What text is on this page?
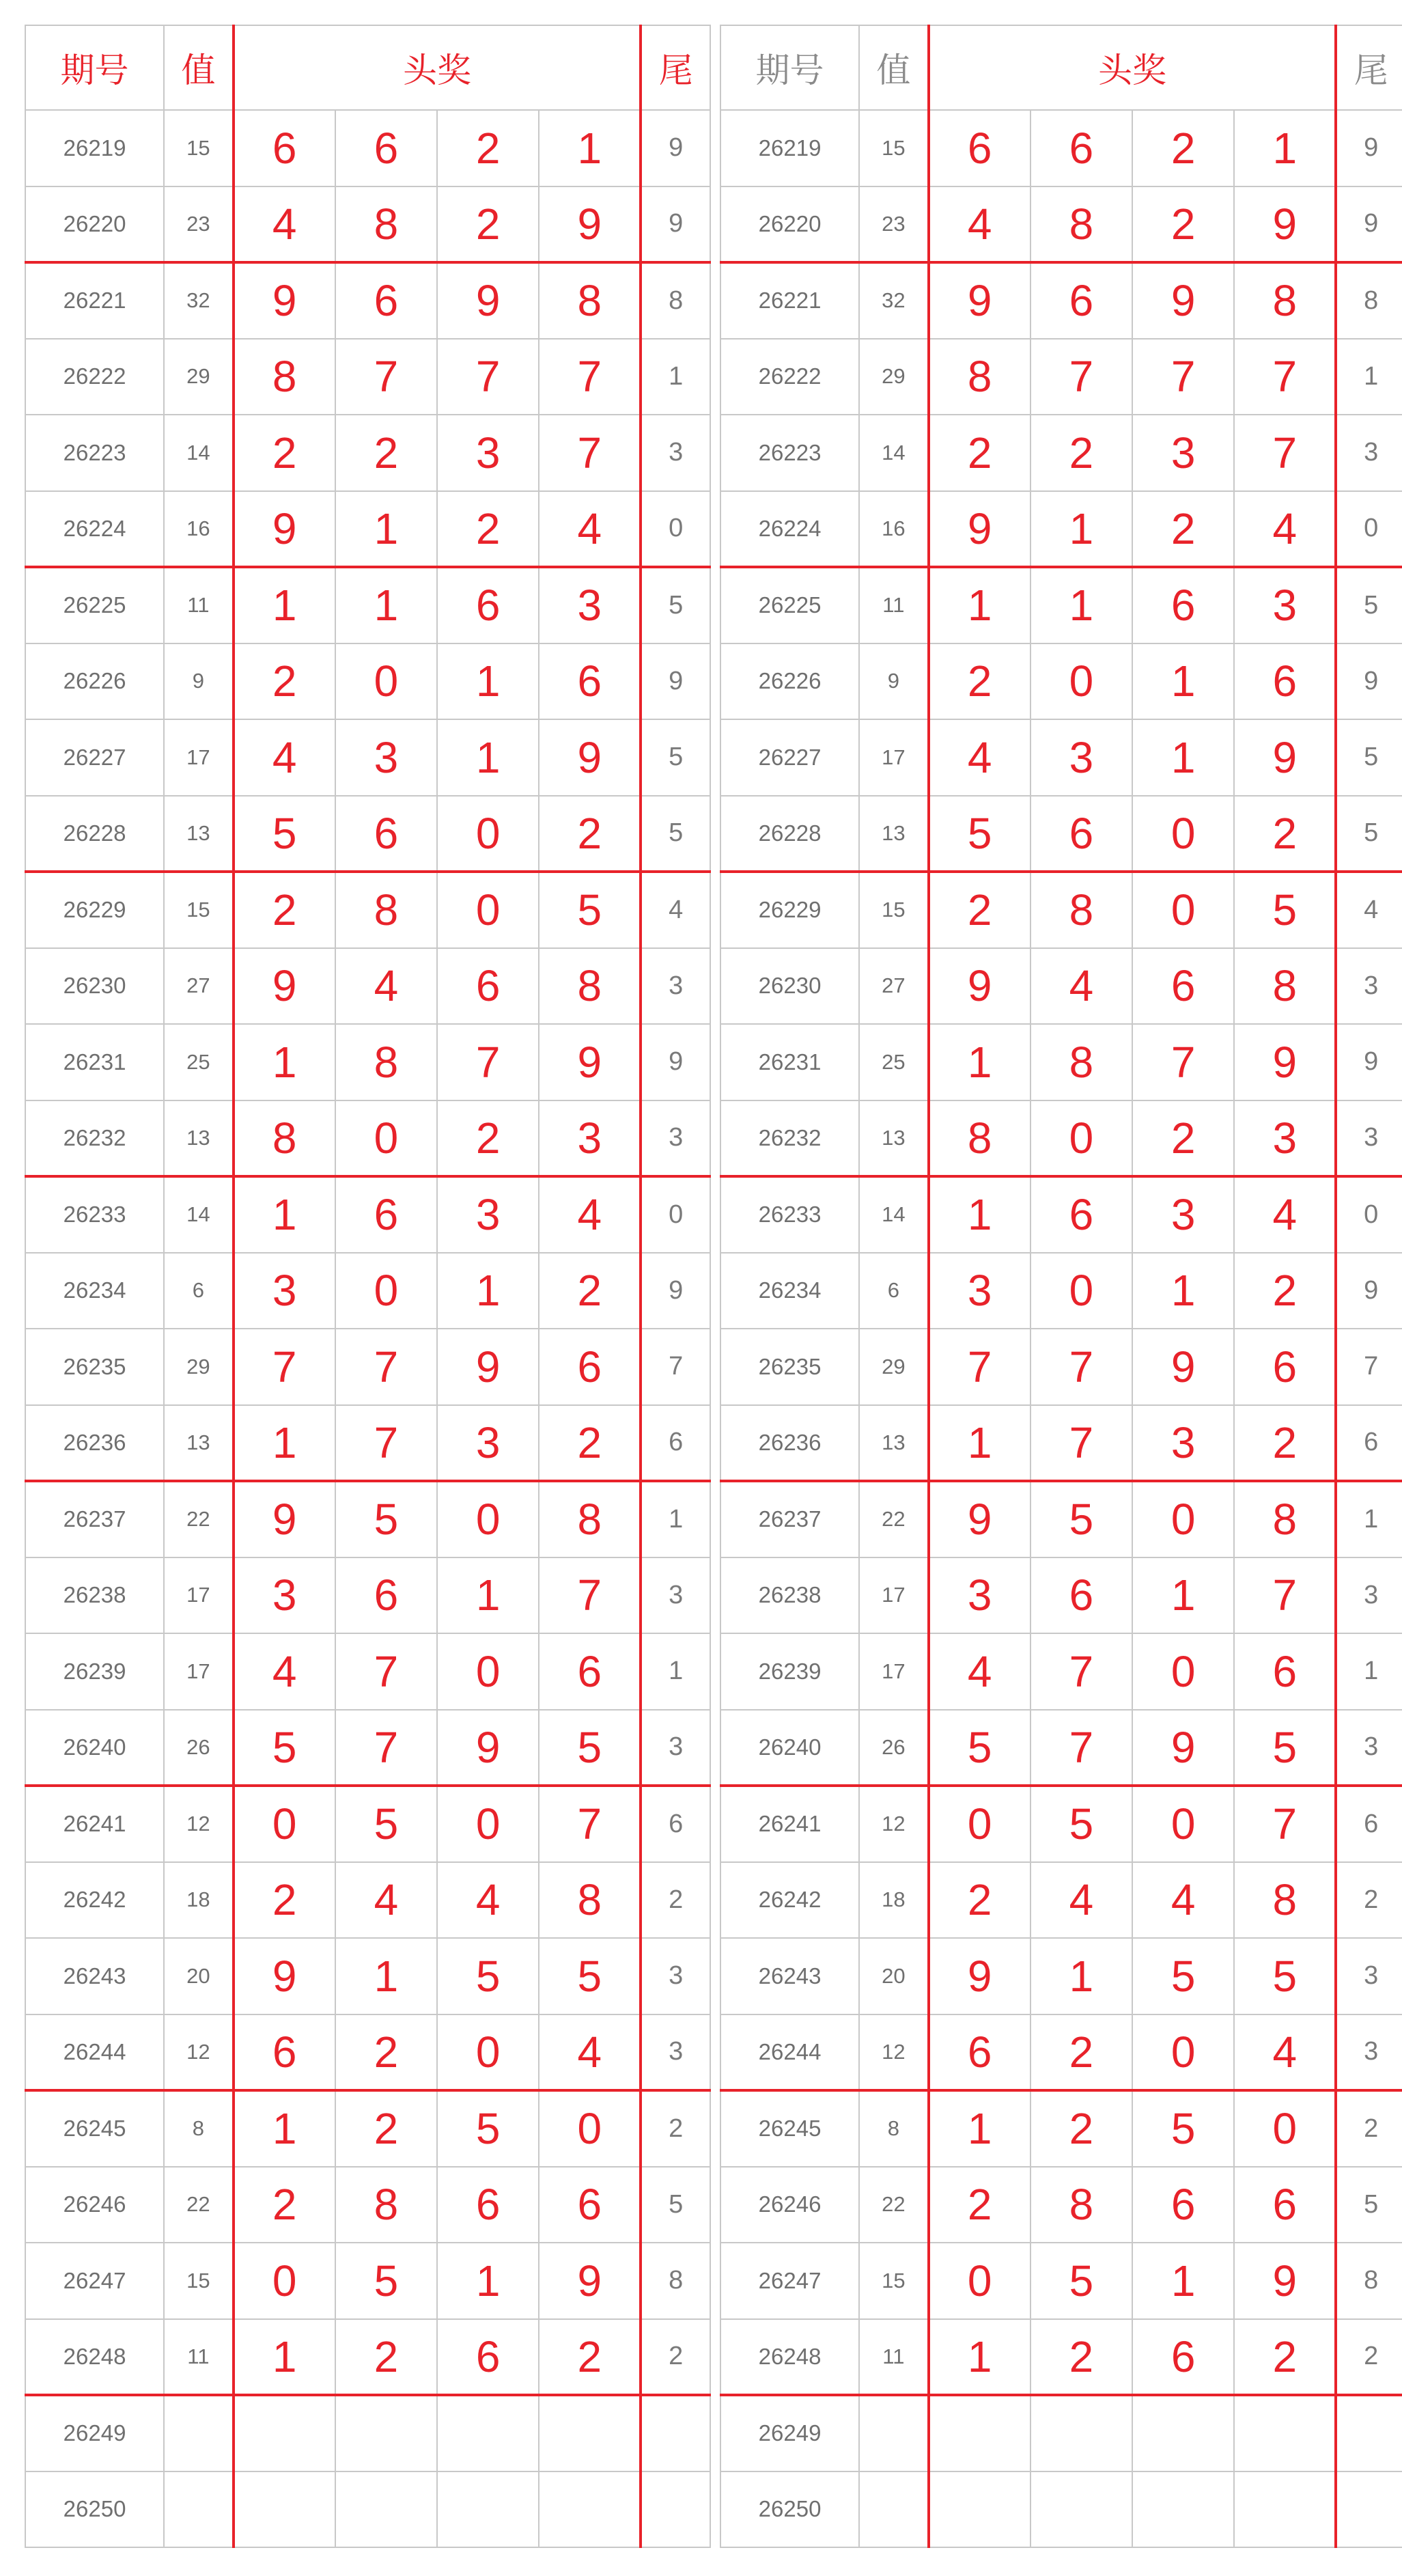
期号	值	头奖				尾
26219	15	6	6	2	1	9
26220	23	4	8	2	9	9
26221	32	9	6	9	8	8
26222	29	8	7	7	7	1
26223	14	2	2	3	7	3
26224	16	9	1	2	4	0
26225	11	1	1	6	3	5
26226	9	2	0	1	6	9
26227	17	4	3	1	9	5
26228	13	5	6	0	2	5
26229	15	2	8	0	5	4
26230	27	9	4	6	8	3
26231	25	1	8	7	9	9
26232	13	8	0	2	3	3
26233	14	1	6	3	4	0
26234	6	3	0	1	2	9
26235	29	7	7	9	6	7
26236	13	1	7	3	2	6
26237	22	9	5	0	8	1
26238	17	3	6	1	7	3
26239	17	4	7	0	6	1
26240	26	5	7	9	5	3
26241	12	0	5	0	7	6
26242	18	2	4	4	8	2
26243	20	9	1	5	5	3
26244	12	6	2	0	4	3
26245	8	1	2	5	0	2
26246	22	2	8	6	6	5
26247	15	0	5	1	9	8
26248	11	1	2	6	2	2
26249						
26250						
期号	值	头奖				尾
26219	15	6	6	2	1	9
26220	23	4	8	2	9	9
26221	32	9	6	9	8	8
26222	29	8	7	7	7	1
26223	14	2	2	3	7	3
26224	16	9	1	2	4	0
26225	11	1	1	6	3	5
26226	9	2	0	1	6	9
26227	17	4	3	1	9	5
26228	13	5	6	0	2	5
26229	15	2	8	0	5	4
26230	27	9	4	6	8	3
26231	25	1	8	7	9	9
26232	13	8	0	2	3	3
26233	14	1	6	3	4	0
26234	6	3	0	1	2	9
26235	29	7	7	9	6	7
26236	13	1	7	3	2	6
26237	22	9	5	0	8	1
26238	17	3	6	1	7	3
26239	17	4	7	0	6	1
26240	26	5	7	9	5	3
26241	12	0	5	0	7	6
26242	18	2	4	4	8	2
26243	20	9	1	5	5	3
26244	12	6	2	0	4	3
26245	8	1	2	5	0	2
26246	22	2	8	6	6	5
26247	15	0	5	1	9	8
26248	11	1	2	6	2	2
26249						
26250						
